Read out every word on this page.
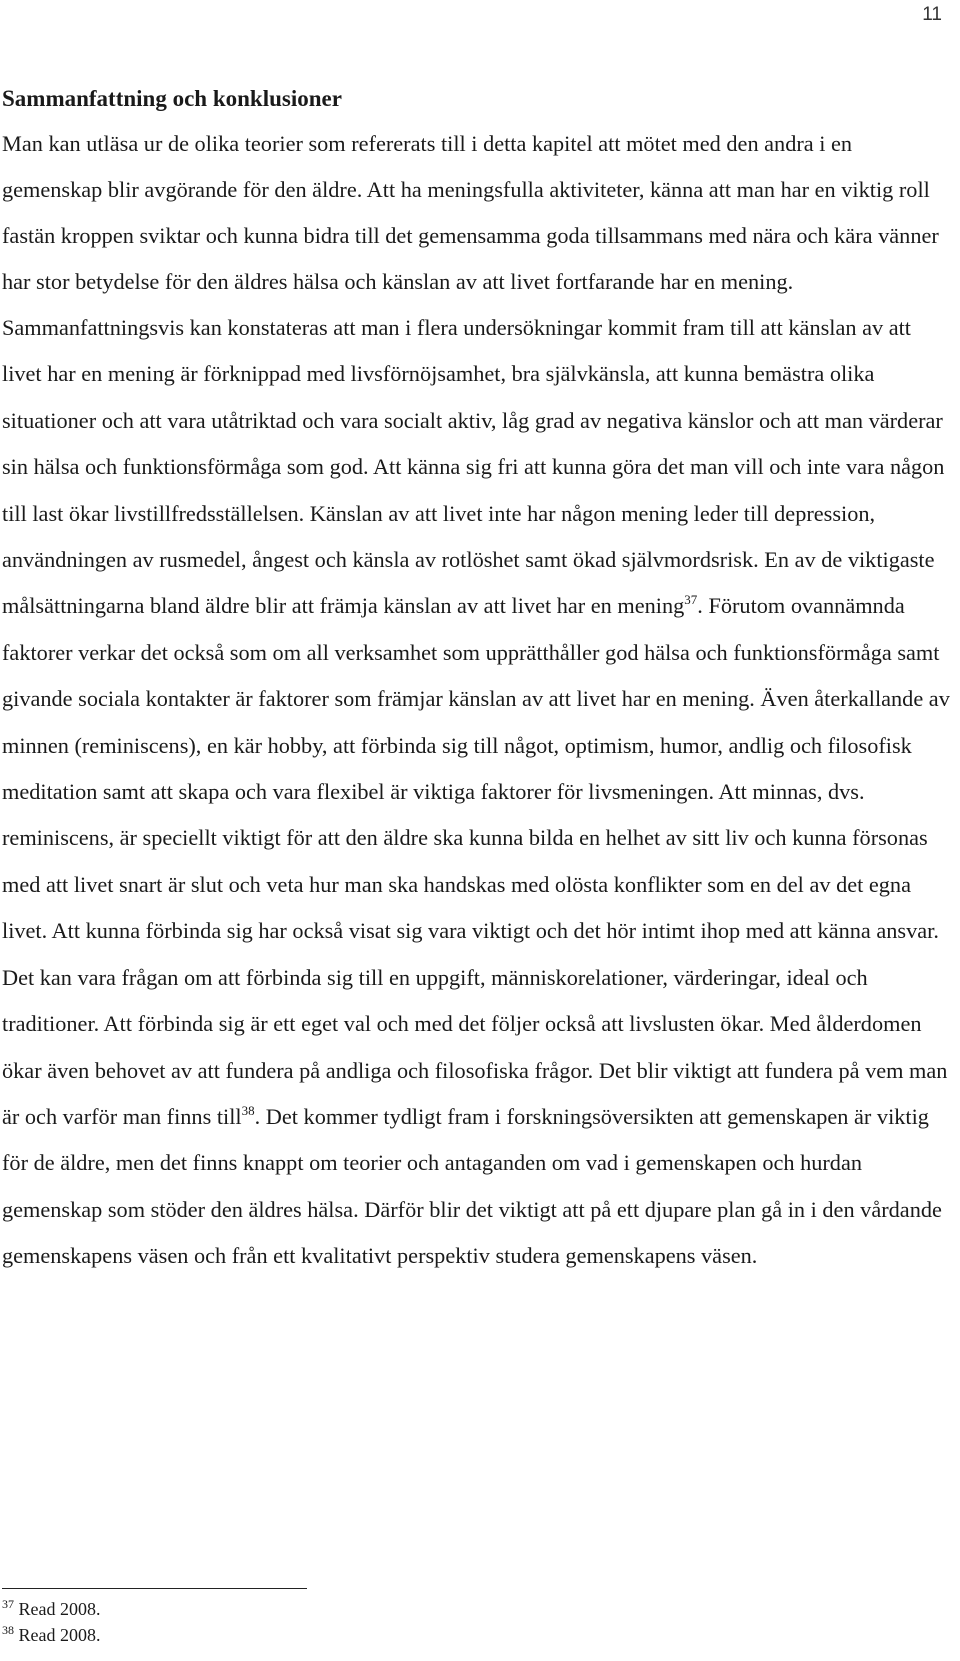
11
Sammanfattning och konklusioner

Man kan utläsa ur de olika teorier som refererats till i detta kapitel att mötet med den andra i en gemenskap blir avgörande för den äldre. Att ha meningsfulla aktiviteter, känna att man har en viktig roll fastän kroppen sviktar och kunna bidra till det gemensamma goda tillsammans med nära och kära vänner har stor betydelse för den äldres hälsa och känslan av att livet fortfarande har en mening.

Sammanfattningsvis kan konstateras att man i flera undersökningar kommit fram till att känslan av att livet har en mening är förknippad med livsförnöjsamhet, bra självkänsla, att kunna bemästra olika situationer och att vara utåtriktad och vara socialt aktiv, låg grad av negativa känslor och att man värderar sin hälsa och funktionsförmåga som god. Att känna sig fri att kunna göra det man vill och inte vara någon till last ökar livstillfredsställelsen. Känslan av att livet inte har någon mening leder till depression, användningen av rusmedel, ångest och känsla av rotlöshet samt ökad självmordsrisk. En av de viktigaste målsättningarna bland äldre blir att främja känslan av att livet har en mening$^{37}$. Förutom ovannämnda faktorer verkar det också som om all verksamhet som upprätthåller god hälsa och funktionsförmåga samt givande sociala kontakter är faktorer som främjar känslan av att livet har en mening. Även återkallande av minnen (reminiscens), en kär hobby, att förbinda sig till något, optimism, humor, andlig och filosofisk meditation samt att skapa och vara flexibel är viktiga faktorer för livsmeningen. Att minnas, dvs. reminiscens, är speciellt viktigt för att den äldre ska kunna bilda en helhet av sitt liv och kunna försonas med att livet snart är slut och veta hur man ska handskas med olösta konflikter som en del av det egna livet. Att kunna förbinda sig har också visat sig vara viktigt och det hör intimt ihop med att känna ansvar. Det kan vara frågan om att förbinda sig till en uppgift, människorelationer, värderingar, ideal och traditioner. Att förbinda sig är ett eget val och med det följer också att livslusten ökar. Med ålderdomen ökar även behovet av att fundera på andliga och filosofiska frågor. Det blir viktigt att fundera på vem man är och varför man finns till$^{38}$. Det kommer tydligt fram i forskningsöversikten att gemenskapen är viktig för de äldre, men det finns knappt om teorier och antaganden om vad i gemenskapen och hurdan gemenskap som stöder den äldres hälsa. Därför blir det viktigt att på ett djupare plan gå in i den vårdande gemenskapens väsen och från ett kvalitativt perspektiv studera gemenskapens väsen.

$^{37}$ Read 2008.
$^{38}$ Read 2008.
